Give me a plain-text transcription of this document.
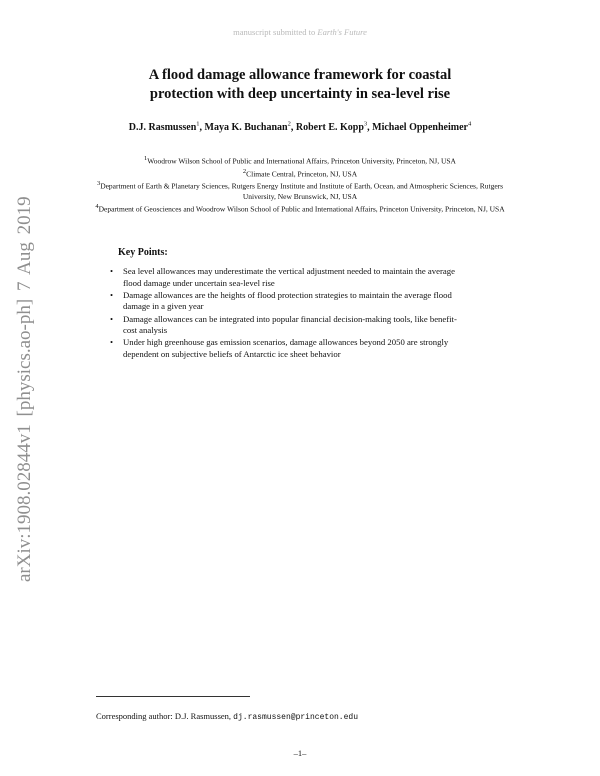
manuscript submitted to Earth's Future
arXiv:1908.02844v1 [physics.ao-ph] 7 Aug 2019
A flood damage allowance framework for coastal
protection with deep uncertainty in sea-level rise
D.J. Rasmussen$^1$, Maya K. Buchanan$^2$, Robert E. Kopp$^3$, Michael Oppenheimer$^4$

$^1$Woodrow Wilson School of Public and International Affairs, Princeton University, Princeton, NJ, USA

$^2$Climate Central, Princeton, NJ, USA

$^3$Department of Earth & Planetary Sciences, Rutgers Energy Institute and Institute of Earth, Ocean, and Atmospheric Sciences, Rutgers University, New Brunswick, NJ, USA

$^4$Department of Geosciences and Woodrow Wilson School of Public and International Affairs, Princeton University, Princeton, NJ, USA

Key Points:
• Sea level allowances may underestimate the vertical adjustment needed to maintain the average flood damage under uncertain sea-level rise
• Damage allowances are the heights of flood protection strategies to maintain the average flood damage in a given year
• Damage allowances can be integrated into popular financial decision-making tools, like benefit-cost analysis
• Under high greenhouse gas emission scenarios, damage allowances beyond 2050 are strongly dependent on subjective beliefs of Antarctic ice sheet behavior
Corresponding author: D.J. Rasmussen, dj.rasmussen@princeton.edu
–1–
